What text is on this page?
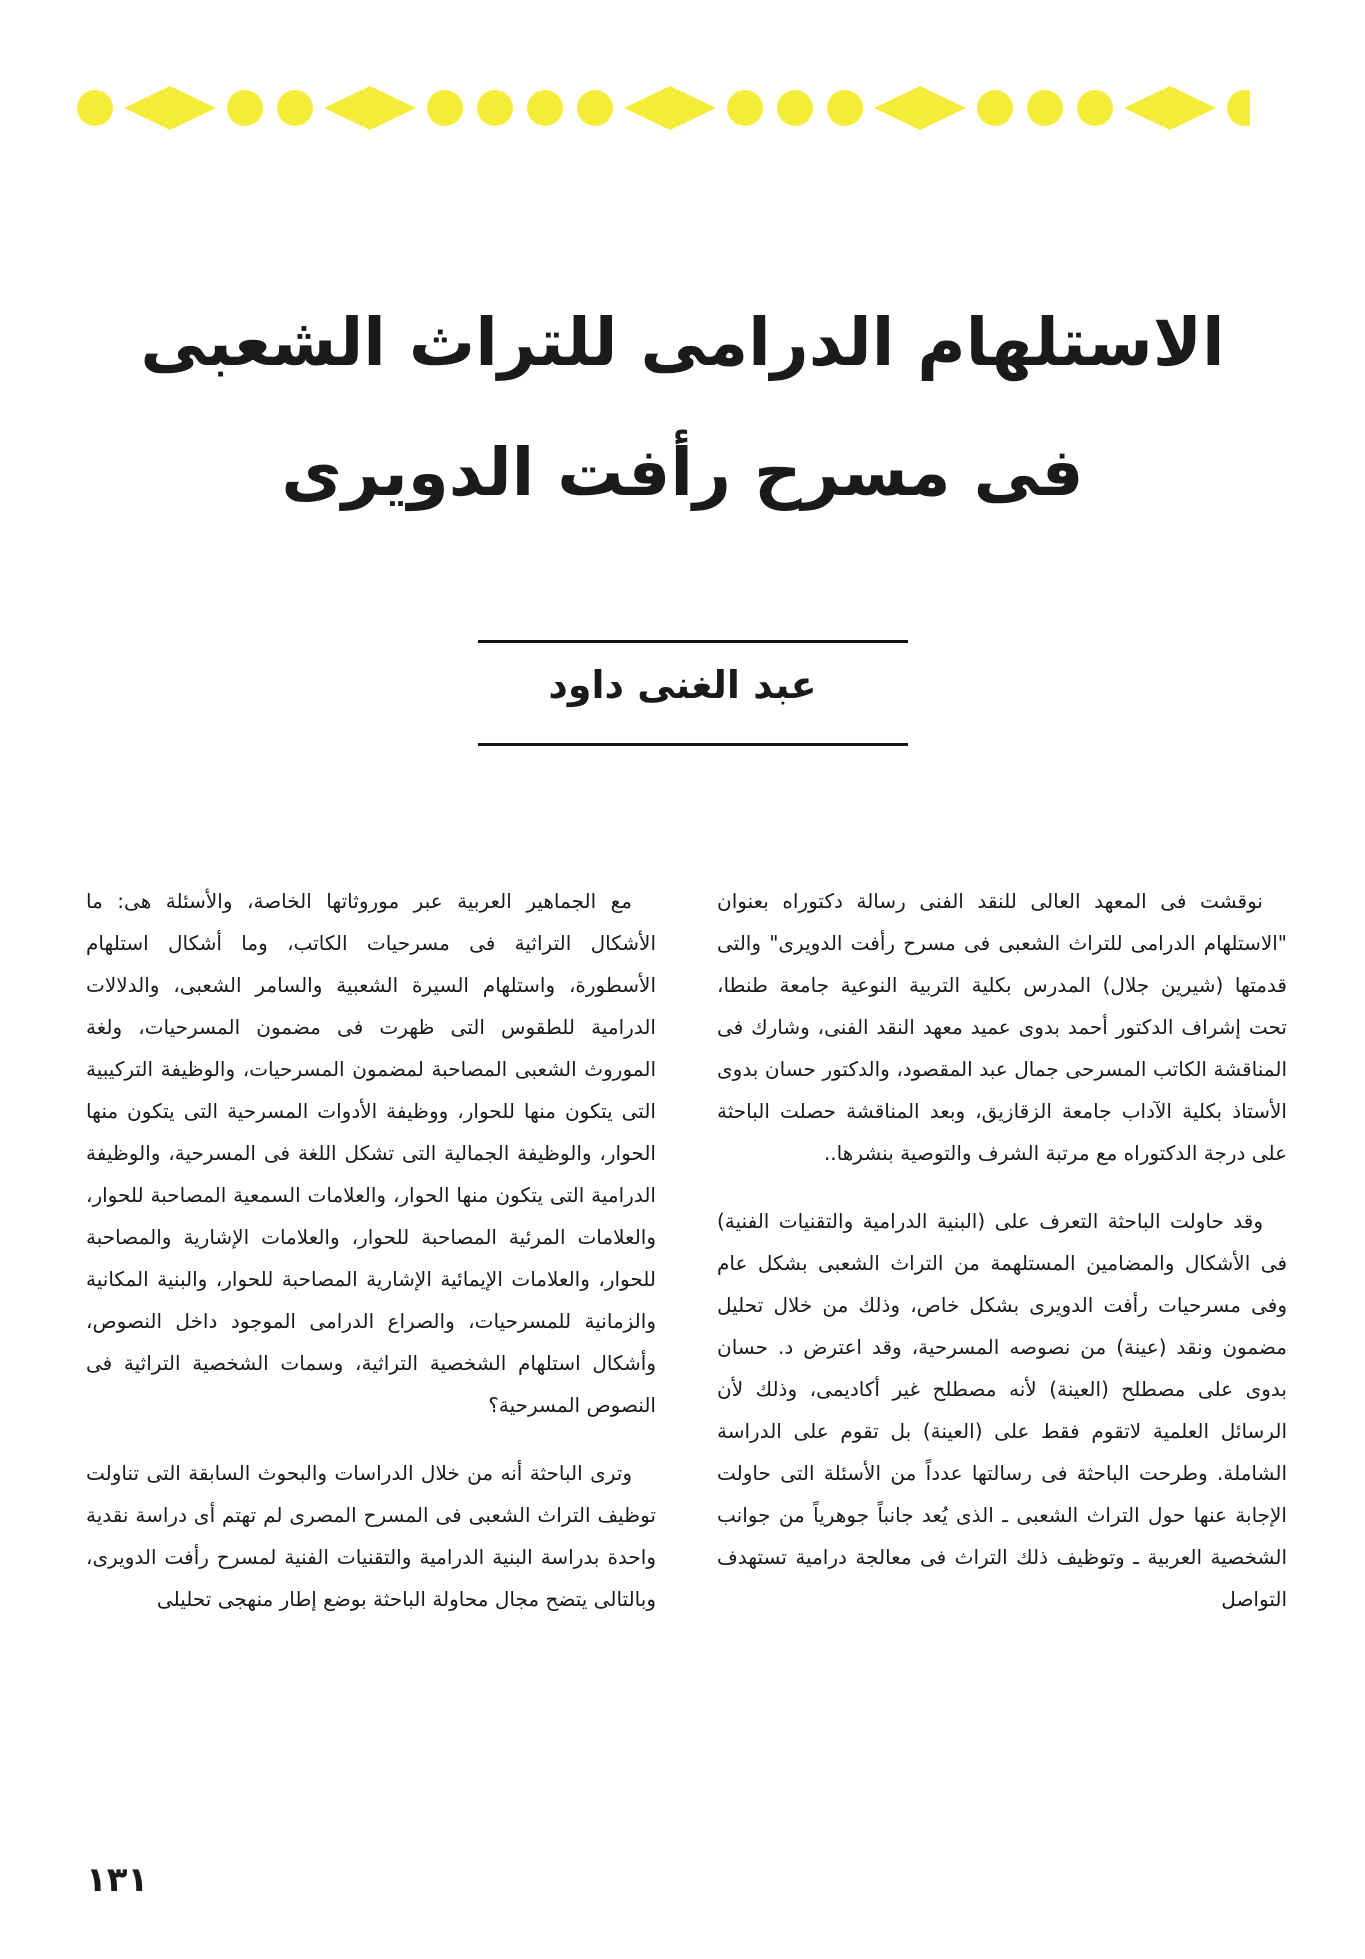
الاستلهام الدرامى للتراث الشعبى
فى مسرح رأفت الدويرى
عبد الغنى داود

نوقشت فى المعهد العالى للنقد الفنى رسالة دكتوراه بعنوان "الاستلهام الدرامى للتراث الشعبى فى مسرح رأفت الدويرى" والتى قدمتها (شيرين جلال) المدرس بكلية التربية النوعية جامعة طنطا، تحت إشراف الدكتور أحمد بدوى عميد معهد النقد الفنى، وشارك فى المناقشة الكاتب المسرحى جمال عبد المقصود، والدكتور حسان بدوى الأستاذ بكلية الآداب جامعة الزقازيق، وبعد المناقشة حصلت الباحثة على درجة الدكتوراه مع مرتبة الشرف والتوصية بنشرها..

وقد حاولت الباحثة التعرف على (البنية الدرامية والتقنيات الفنية) فى الأشكال والمضامين المستلهمة من التراث الشعبى بشكل عام وفى مسرحيات رأفت الدويرى بشكل خاص، وذلك من خلال تحليل مضمون ونقد (عينة) من نصوصه المسرحية، وقد اعترض د. حسان بدوى على مصطلح (العينة) لأنه مصطلح غير أكاديمى، وذلك لأن الرسائل العلمية لاتقوم فقط على (العينة) بل تقوم على الدراسة الشاملة. وطرحت الباحثة فى رسالتها عدداً من الأسئلة التى حاولت الإجابة عنها حول التراث الشعبى ـ الذى يُعد جانباً جوهرياً من جوانب الشخصية العربية ـ وتوظيف ذلك التراث فى معالجة درامية تستهدف التواصل

مع الجماهير العربية عبر موروثاتها الخاصة، والأسئلة هى: ما الأشكال التراثية فى مسرحيات الكاتب، وما أشكال استلهام الأسطورة، واستلهام السيرة الشعبية والسامر الشعبى، والدلالات الدرامية للطقوس التى ظهرت فى مضمون المسرحيات، ولغة الموروث الشعبى المصاحبة لمضمون المسرحيات، والوظيفة التركيبية التى يتكون منها للحوار، ووظيفة الأدوات المسرحية التى يتكون منها الحوار، والوظيفة الجمالية التى تشكل اللغة فى المسرحية، والوظيفة الدرامية التى يتكون منها الحوار، والعلامات السمعية المصاحبة للحوار، والعلامات المرئية المصاحبة للحوار، والعلامات الإشارية والمصاحبة للحوار، والعلامات الإيمائية الإشارية المصاحبة للحوار، والبنية المكانية والزمانية للمسرحيات، والصراع الدرامى الموجود داخل النصوص، وأشكال استلهام الشخصية التراثية، وسمات الشخصية التراثية فى النصوص المسرحية؟

وترى الباحثة أنه من خلال الدراسات والبحوث السابقة التى تناولت توظيف التراث الشعبى فى المسرح المصرى لم تهتم أى دراسة نقدية واحدة بدراسة البنية الدرامية والتقنيات الفنية لمسرح رأفت الدويرى، وبالتالى يتضح مجال محاولة الباحثة بوضع إطار منهجى تحليلى

١٣١
